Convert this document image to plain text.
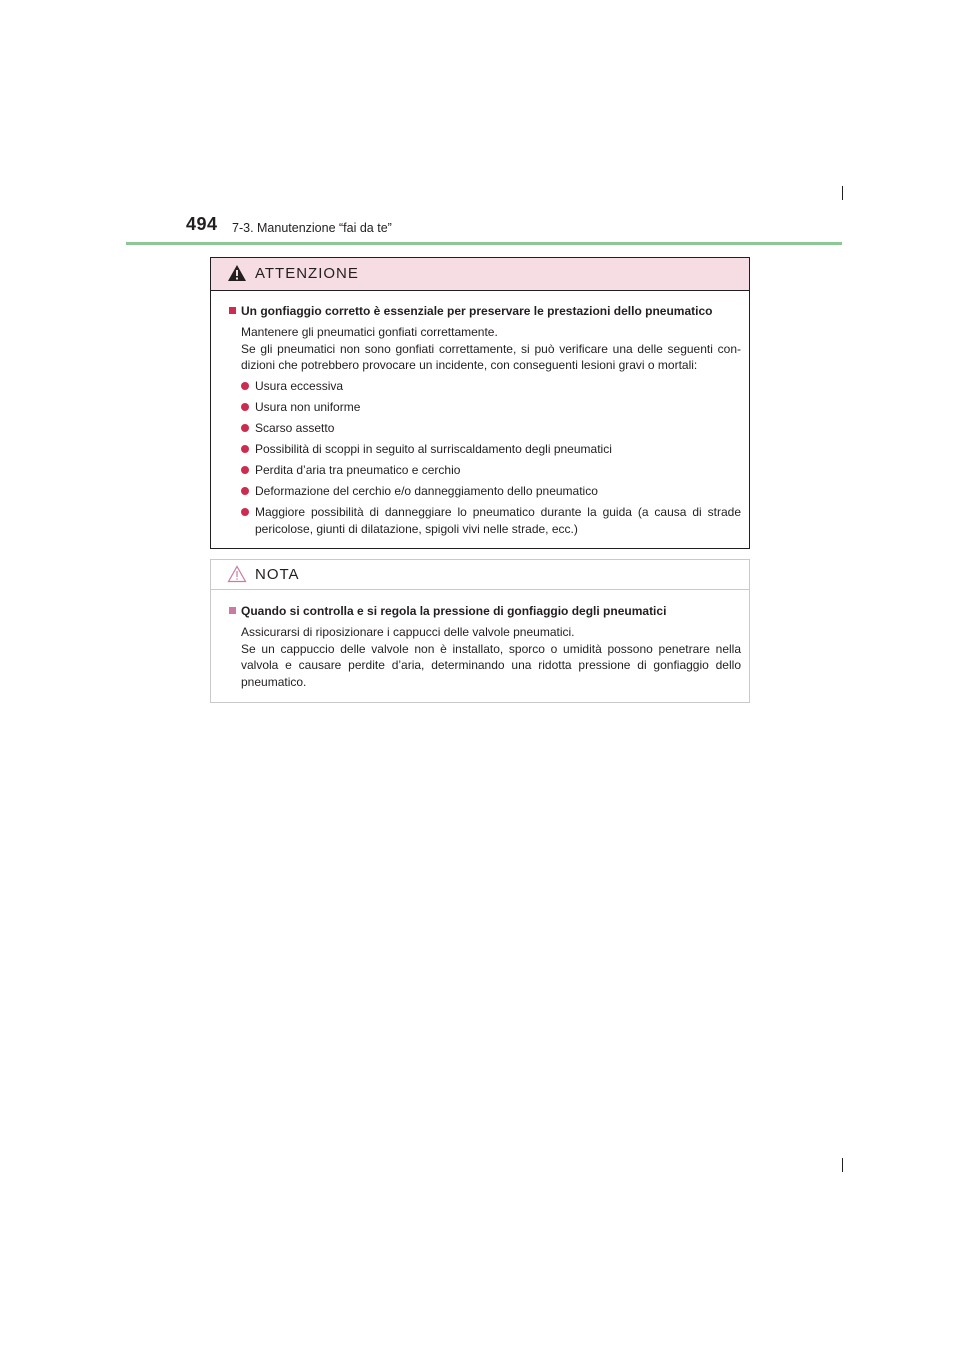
494 7-3. Manutenzione “fai da te”
ATTENZIONE
Un gonfiaggio corretto è essenziale per preservare le prestazioni dello pneumatico
Mantenere gli pneumatici gonfiati correttamente.
Se gli pneumatici non sono gonfiati correttamente, si può verificare una delle seguenti con-dizioni che potrebbero provocare un incidente, con conseguenti lesioni gravi o mortali:
Usura eccessiva
Usura non uniforme
Scarso assetto
Possibilità di scoppi in seguito al surriscaldamento degli pneumatici
Perdita d’aria tra pneumatico e cerchio
Deformazione del cerchio e/o danneggiamento dello pneumatico
Maggiore possibilità di danneggiare lo pneumatico durante la guida (a causa di strade pericolose, giunti di dilatazione, spigoli vivi nelle strade, ecc.)
NOTA
Quando si controlla e si regola la pressione di gonfiaggio degli pneumatici
Assicurarsi di riposizionare i cappucci delle valvole pneumatici.
Se un cappuccio delle valvole non è installato, sporco o umidità possono penetrare nella valvola e causare perdite d’aria, determinando una ridotta pressione di gonfiaggio dello pneumatico.
